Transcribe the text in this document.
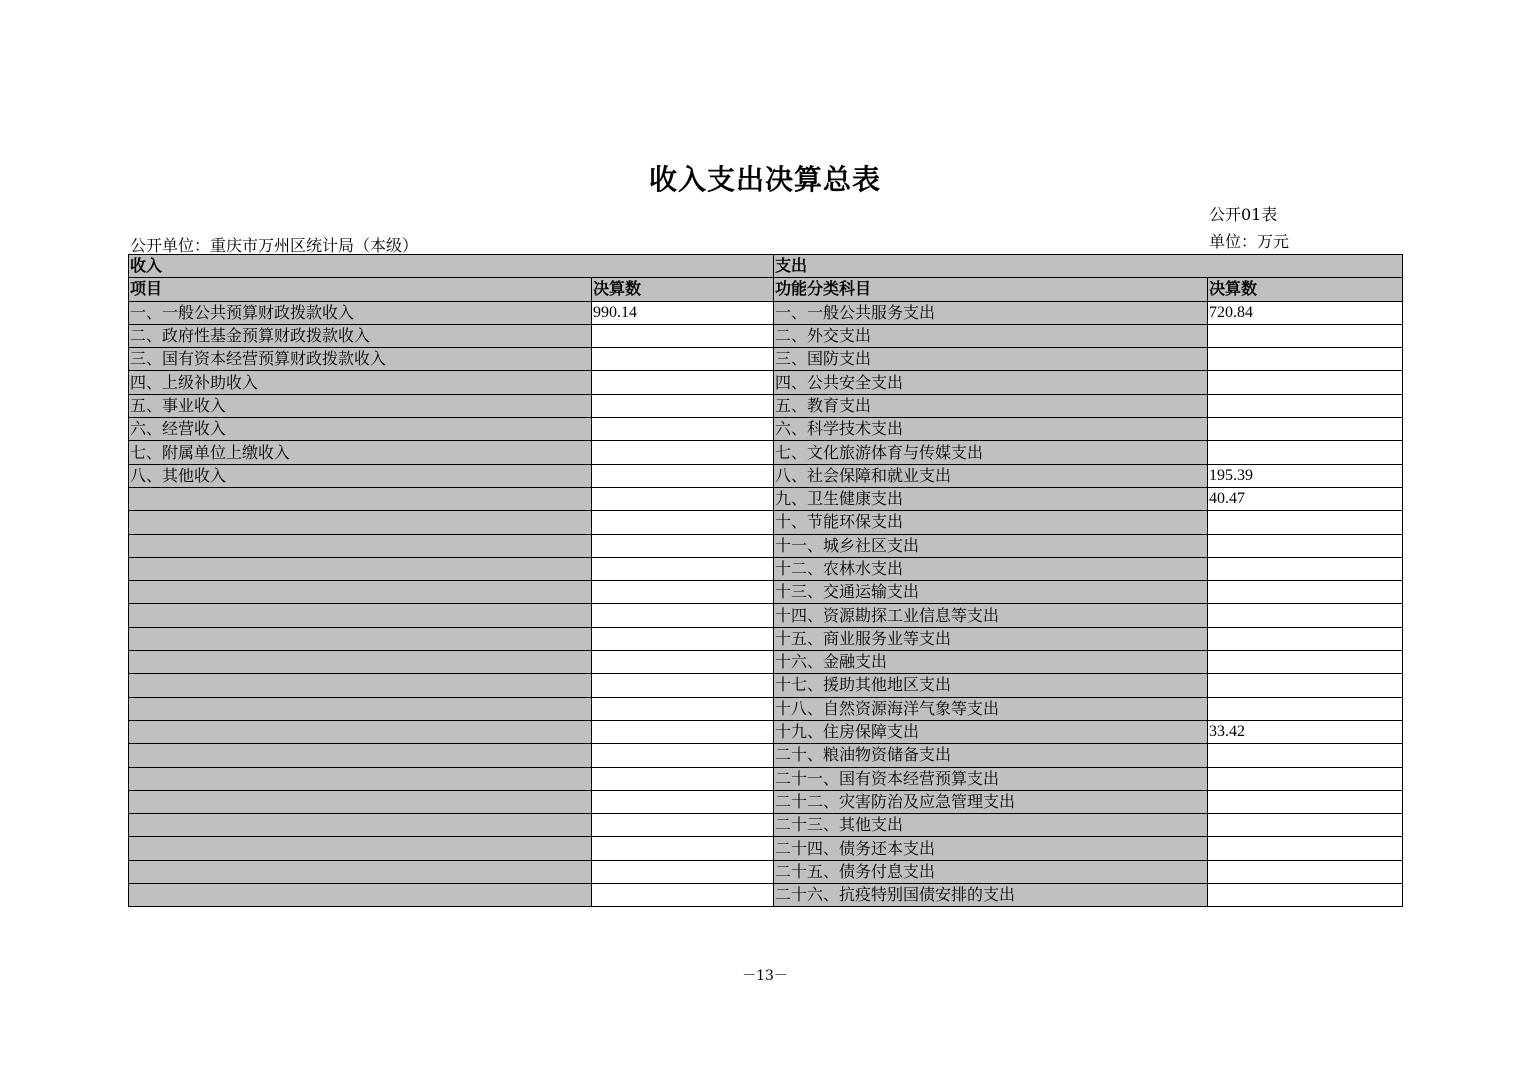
收入支出决算总表
公开01表
单位：万元
公开单位：重庆市万州区统计局（本级）
收入		支出	
项目	决算数	功能分类科目	决算数
一、一般公共预算财政拨款收入	990.14	一、一般公共服务支出	720.84
二、政府性基金预算财政拨款收入		二、外交支出	
三、国有资本经营预算财政拨款收入		三、国防支出	
四、上级补助收入		四、公共安全支出	
五、事业收入		五、教育支出	
六、经营收入		六、科学技术支出	
七、附属单位上缴收入		七、文化旅游体育与传媒支出	
八、其他收入		八、社会保障和就业支出	195.39
		九、卫生健康支出	40.47
		十、节能环保支出	
		十一、城乡社区支出	
		十二、农林水支出	
		十三、交通运输支出	
		十四、资源勘探工业信息等支出	
		十五、商业服务业等支出	
		十六、金融支出	
		十七、援助其他地区支出	
		十八、自然资源海洋气象等支出	
		十九、住房保障支出	33.42
		二十、粮油物资储备支出	
		二十一、国有资本经营预算支出	
		二十二、灾害防治及应急管理支出	
		二十三、其他支出	
		二十四、债务还本支出	
		二十五、债务付息支出	
		二十六、抗疫特别国债安排的支出	
－13－
